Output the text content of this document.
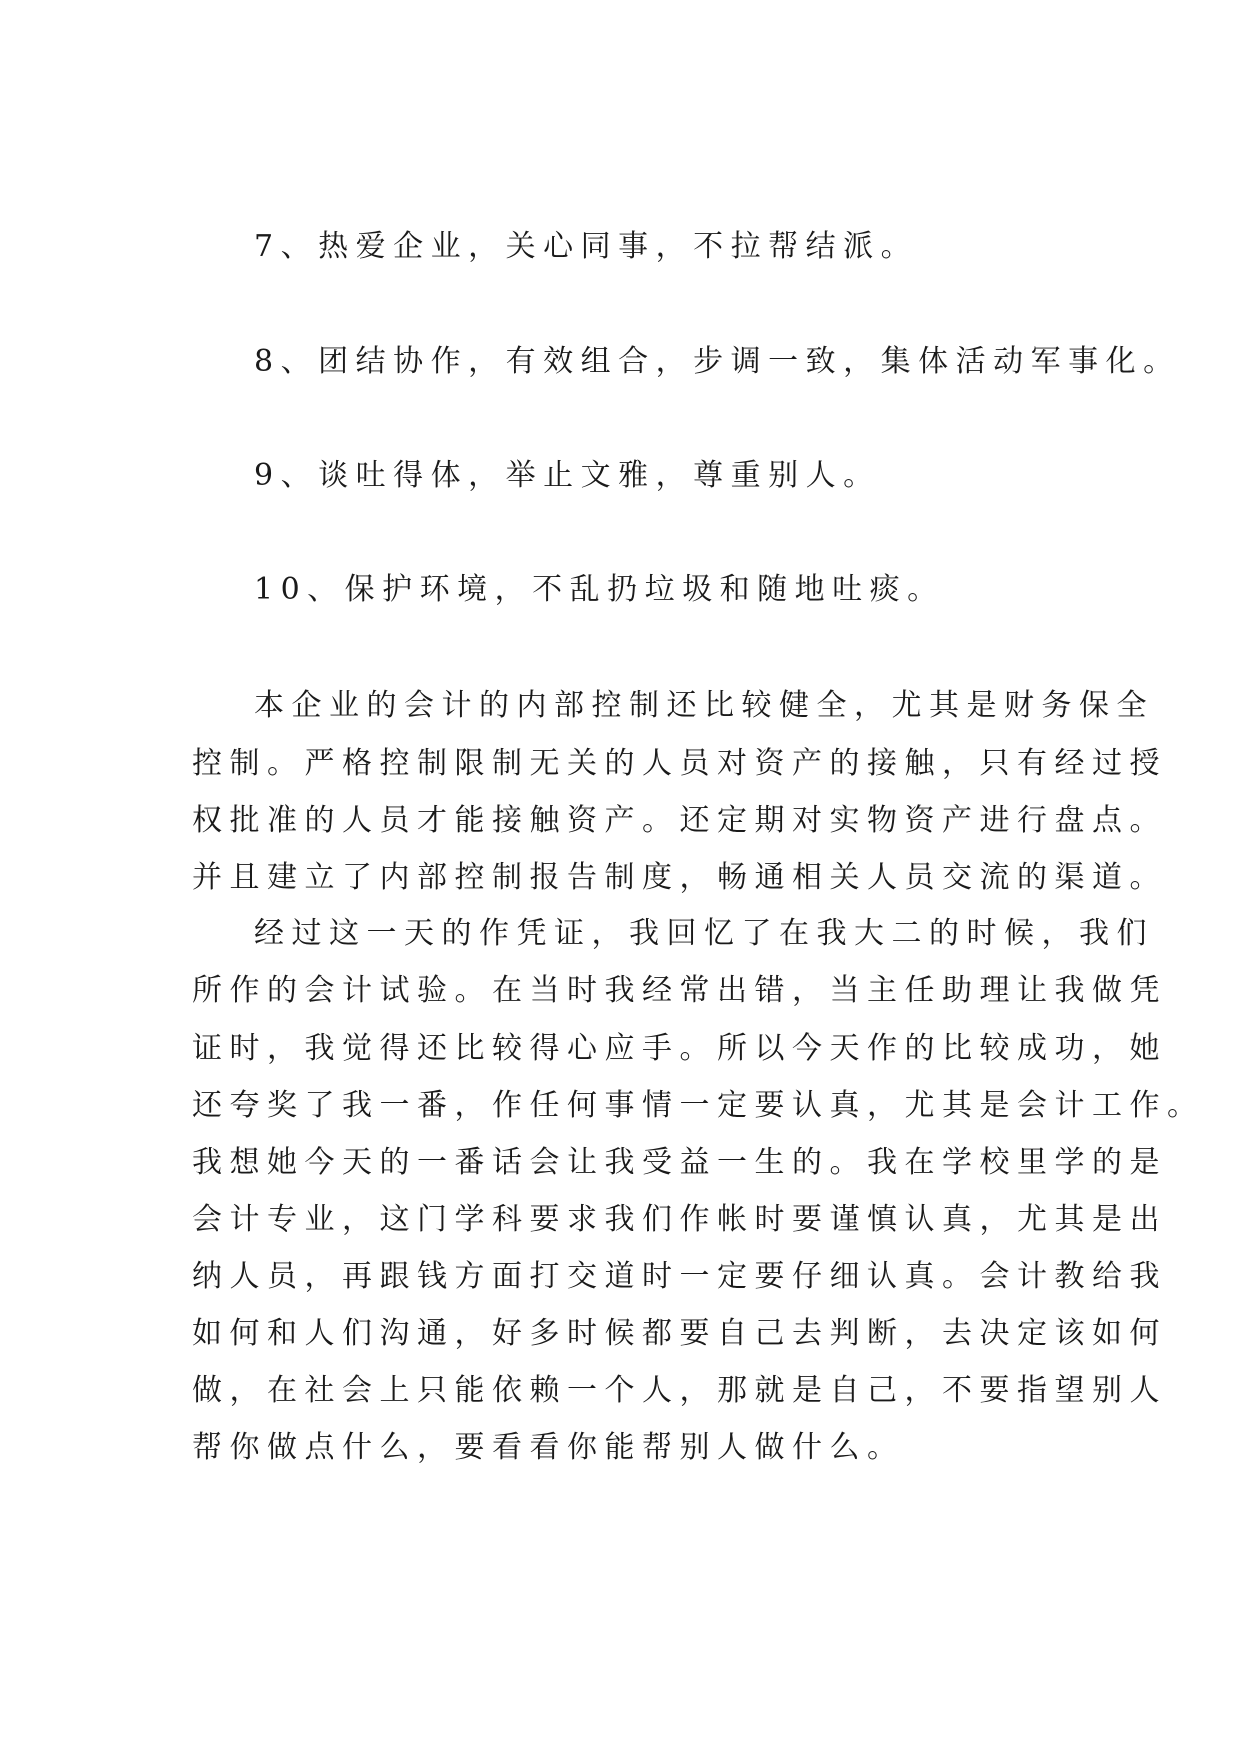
7、热爱企业，关心同事，不拉帮结派。

8、团结协作，有效组合，步调一致，集体活动军事化。

9、谈吐得体，举止文雅，尊重别人。

10、保护环境，不乱扔垃圾和随地吐痰。

本企业的会计的内部控制还比较健全，尤其是财务保全

控制。严格控制限制无关的人员对资产的接触，只有经过授

权批准的人员才能接触资产。还定期对实物资产进行盘点。

并且建立了内部控制报告制度，畅通相关人员交流的渠道。

经过这一天的作凭证，我回忆了在我大二的时候，我们

所作的会计试验。在当时我经常出错，当主任助理让我做凭

证时，我觉得还比较得心应手。所以今天作的比较成功，她

还夸奖了我一番，作任何事情一定要认真，尤其是会计工作。

我想她今天的一番话会让我受益一生的。我在学校里学的是

会计专业，这门学科要求我们作帐时要谨慎认真，尤其是出

纳人员，再跟钱方面打交道时一定要仔细认真。会计教给我

如何和人们沟通，好多时候都要自己去判断，去决定该如何

做，在社会上只能依赖一个人，那就是自己，不要指望别人

帮你做点什么，要看看你能帮别人做什么。
